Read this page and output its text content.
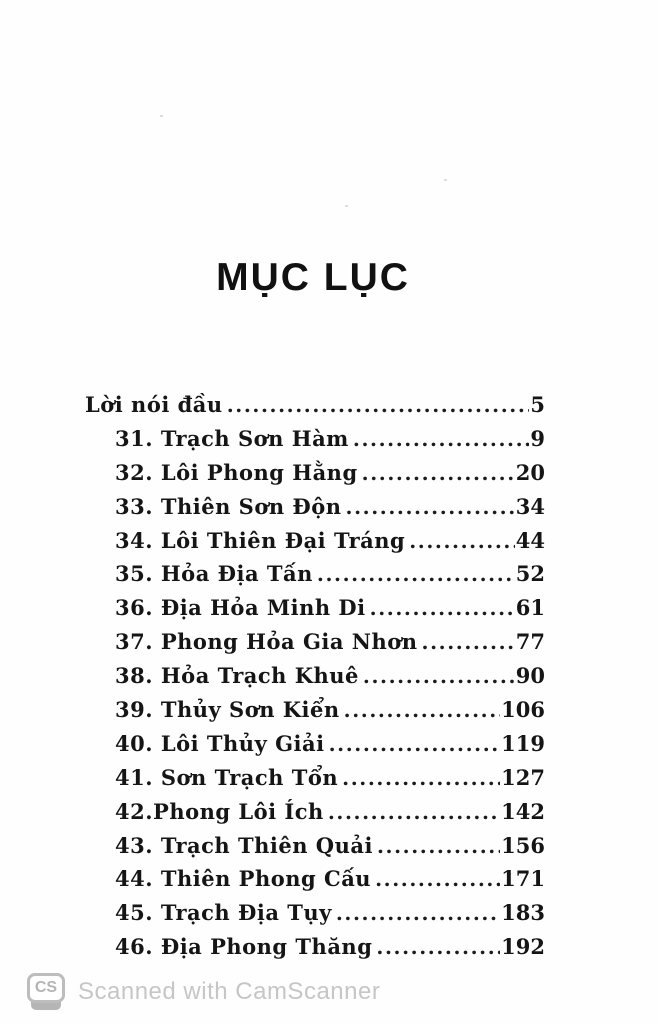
MỤC LỤC
Lời nói đầu .....	5
31. Trạch Sơn Hàm .....	9
32. Lôi Phong Hằng .....	20
33. Thiên Sơn Độn .....	34
34. Lôi Thiên Đại Tráng .....	44
35. Hỏa Địa Tấn .....	52
36. Địa Hỏa Minh Di .....	61
37. Phong Hỏa Gia Nhơn .....	77
38. Hỏa Trạch Khuê .....	90
39. Thủy Sơn Kiển .....	106
40. Lôi Thủy Giải .....	119
41. Sơn Trạch Tổn .....	127
42.Phong Lôi Ích .....	142
43. Trạch Thiên Quải .....	156
44. Thiên Phong Cấu .....	171
45. Trạch Địa Tụy .....	183
46. Địa Phong Thăng .....	192
CS Scanned with CamScanner
